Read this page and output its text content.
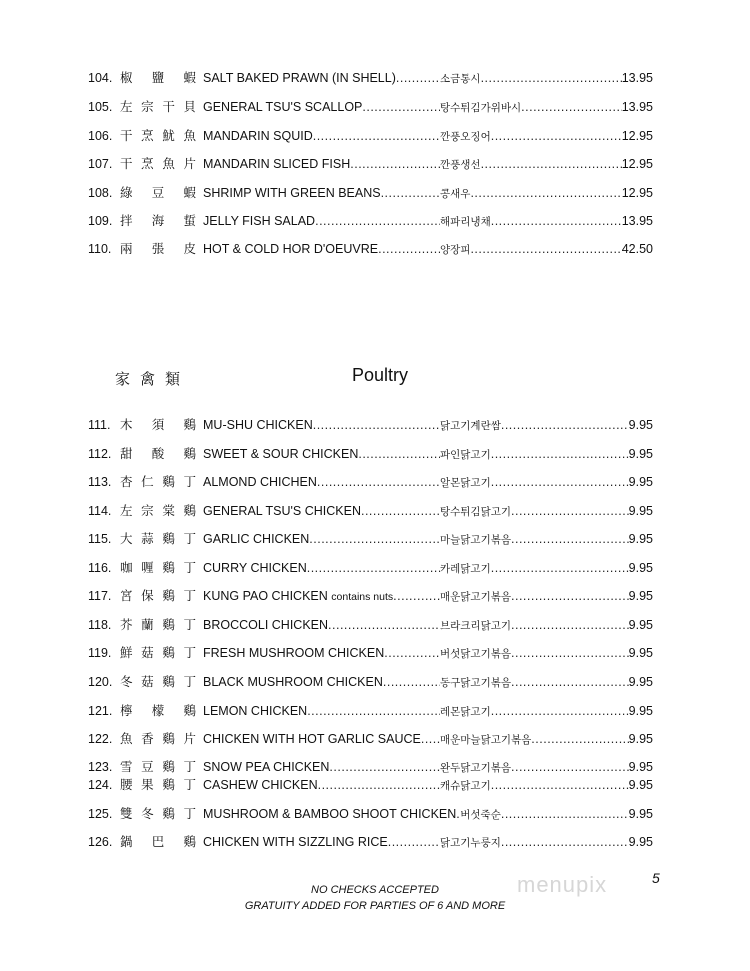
104. 椒 鹽 蝦 SALT BAKED PRAWN (IN SHELL) .....	소금통시 .....	13.95
105. 左 宗 干 貝 GENERAL TSU'S SCALLOP .....	탕수튀김가위바시 .....	13.95
106. 干 烹 魷 魚 MANDARIN SQUID .....	깐풍오징어 .....	12.95
107. 干 烹 魚 片 MANDARIN SLICED FISH .....	깐풍생선 .....	12.95
108. 綠 豆 蝦 SHRIMP WITH GREEN BEANS .....	콩새우 .....	12.95
109. 拌 海 蜇 JELLY FISH SALAD .....	해파리냉채 .....	13.95
110. 兩 張 皮 HOT & COLD HOR D'OEUVRE .....	양장피 .....	42.50
111. 木 須 鷄 MU-SHU CHICKEN .....	닭고기계란쌈 .....	9.95
112. 甜 酸 鷄 SWEET & SOUR CHICKEN .....	파인닭고기 .....	9.95
113. 杏 仁 鷄 丁 ALMOND CHICHEN .....	알몬닭고기 .....	9.95
114. 左 宗 棠 鷄 GENERAL TSU'S CHICKEN .....	탕수튀김닭고기 .....	9.95
115. 大 蒜 鷄 丁 GARLIC CHICKEN .....	마늘닭고기볶음 .....	9.95
116. 咖 喱 鷄 丁 CURRY CHICKEN .....	카레닭고기 .....	9.95
117. 宮 保 鷄 丁 KUNG PAO CHICKEN contains nuts .....	매운닭고기볶음 .....	9.95
118. 芥 蘭 鷄 丁 BROCCOLI CHICKEN .....	브라크리닭고기 .....	9.95
119. 鮮 菇 鷄 丁 FRESH MUSHROOM CHICKEN .....	버섯닭고기볶음 .....	9.95
120. 冬 菇 鷄 丁 BLACK MUSHROOM CHICKEN .....	동구닭고기볶음 .....	9.95
121. 檸 檬 鷄 LEMON CHICKEN .....	레몬닭고기 .....	9.95
122. 魚 香 鷄 片 CHICKEN WITH HOT GARLIC SAUCE ..... 매운마늘닭고기볶음 .....	9.95
123. 雪 豆 鷄 丁 SNOW PEA CHICKEN .....	완두닭고기볶음 .....	9.95
124. 腰 果 鷄 丁 CASHEW CHICKEN .....	캐슈닭고기 .....	9.95
125. 雙 冬 鷄 丁 MUSHROOM & BAMBOO SHOOT CHICKEN ..... 버섯죽순 .....	9.95
126. 鍋 巴 鷄 CHICKEN WITH SIZZLING RICE .....	닭고기누룽지 .....	9.95
家禽類	Poultry
menupix	5
NO CHECKS ACCEPTED
GRATUITY ADDED FOR PARTIES OF 6 AND MORE
